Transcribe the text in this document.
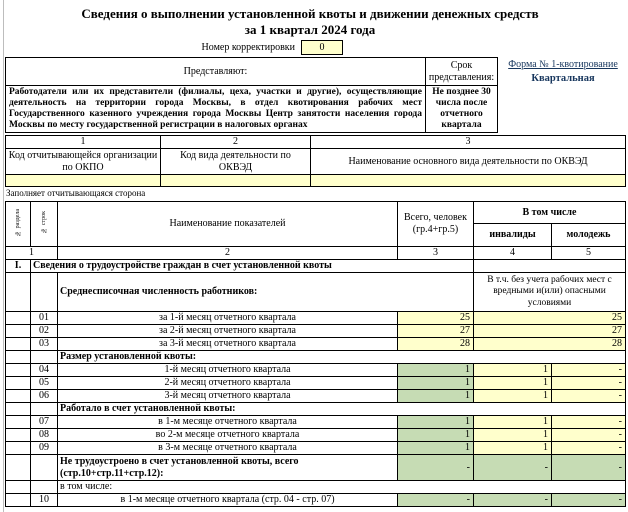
Сведения о выполнении установленной квоты и движении денежных средств
за 1 квартал 2024 года
Номер корректировки	0
Представляют:	Срок представления:
Работодатели или их представители (филиалы, цеха, участки и другие), осуществляющие деятельность на территории города Москвы, в отдел квотирования рабочих мест Государственного казенного учреждения города Москвы Центр занятости населения города Москвы по месту государственной регистрации в налоговых органах	Не позднее 30 числа после отчетного квартала
Форма № 1-квотирование
Квартальная
1	2	3
Код отчитывающейся организации по ОКПО	Код вида деятельности по ОКВЭД	Наименование основного вида деятельности по ОКВЭД

Заполняет отчитывающаяся сторона
№ раздела	№ строк	Наименование показателей	Всего, человек (гр.4+гр.5)	В том числе	
				инвалиды	молодежь
1		2	3	4	5
I.	Сведения о трудоустройстве граждан в счет установленной квоты				
		Среднесписочная численность работников:		В т.ч. без учета рабочих мест с вредными и(или) опасными условиями	
	01	за 1-й месяц отчетного квартала	25	25	
	02	за 2-й месяц отчетного квартала	27	27	
	03	за 3-й месяц отчетного квартала	28	28	
		Размер установленной квоты:			
	04	1-й месяц отчетного квартала	1	1	-
	05	2-й месяц отчетного квартала	1	1	-
	06	3-й месяц отчетного квартала	1	1	-
		Работало в счет установленной квоты:			
	07	в 1-м месяце отчетного квартала	1	1	-
	08	во 2-м месяце отчетного квартала	1	1	-
	09	в 3-м месяце отчетного квартала	1	1	-
		Не трудоустроено в счет установленной квоты, всего (стр.10+стр.11+стр.12):	-	-	-
		в том числе:			
	10	в 1-м месяце отчетного квартала (стр. 04 - стр. 07)	-	-	-
